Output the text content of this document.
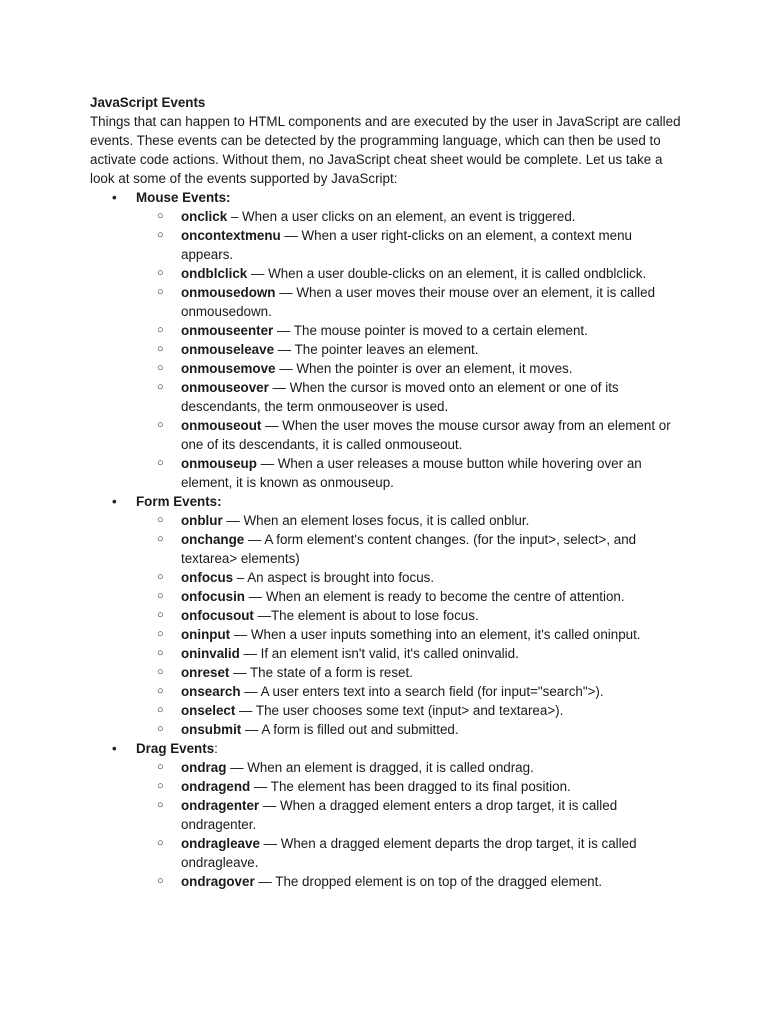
JavaScript Events

Things that can happen to HTML components and are executed by the user in JavaScript are called events. These events can be detected by the programming language, which can then be used to activate code actions. Without them, no JavaScript cheat sheet would be complete. Let us take a look at some of the events supported by JavaScript:

•	Mouse Events:
○ onclick – When a user clicks on an element, an event is triggered.
○ oncontextmenu — When a user right-clicks on an element, a context menu appears.
○ ondblclick — When a user double-clicks on an element, it is called ondblclick.
○ onmousedown — When a user moves their mouse over an element, it is called onmousedown.
○ onmouseenter — The mouse pointer is moved to a certain element.
○ onmouseleave — The pointer leaves an element.
○ onmousemove — When the pointer is over an element, it moves.
○ onmouseover — When the cursor is moved onto an element or one of its descendants, the term onmouseover is used.
○ onmouseout — When the user moves the mouse cursor away from an element or one of its descendants, it is called onmouseout.
○ onmouseup — When a user releases a mouse button while hovering over an element, it is known as onmouseup.
•	Form Events:
○ onblur — When an element loses focus, it is called onblur.
○ onchange — A form element's content changes. (for the input>, select>, and textarea> elements)
○ onfocus – An aspect is brought into focus.
○ onfocusin — When an element is ready to become the centre of attention.
○ onfocusout —The element is about to lose focus.
○ oninput — When a user inputs something into an element, it's called oninput.
○ oninvalid — If an element isn't valid, it's called oninvalid.
○ onreset — The state of a form is reset.
○ onsearch — A user enters text into a search field (for input="search">).
○ onselect — The user chooses some text (input> and textarea>).
○ onsubmit — A form is filled out and submitted.
•	Drag Events:
○ ondrag — When an element is dragged, it is called ondrag.
○ ondragend — The element has been dragged to its final position.
○ ondragenter — When a dragged element enters a drop target, it is called ondragenter.
○ ondragleave — When a dragged element departs the drop target, it is called ondragleave.
○ ondragover — The dropped element is on top of the dragged element.
